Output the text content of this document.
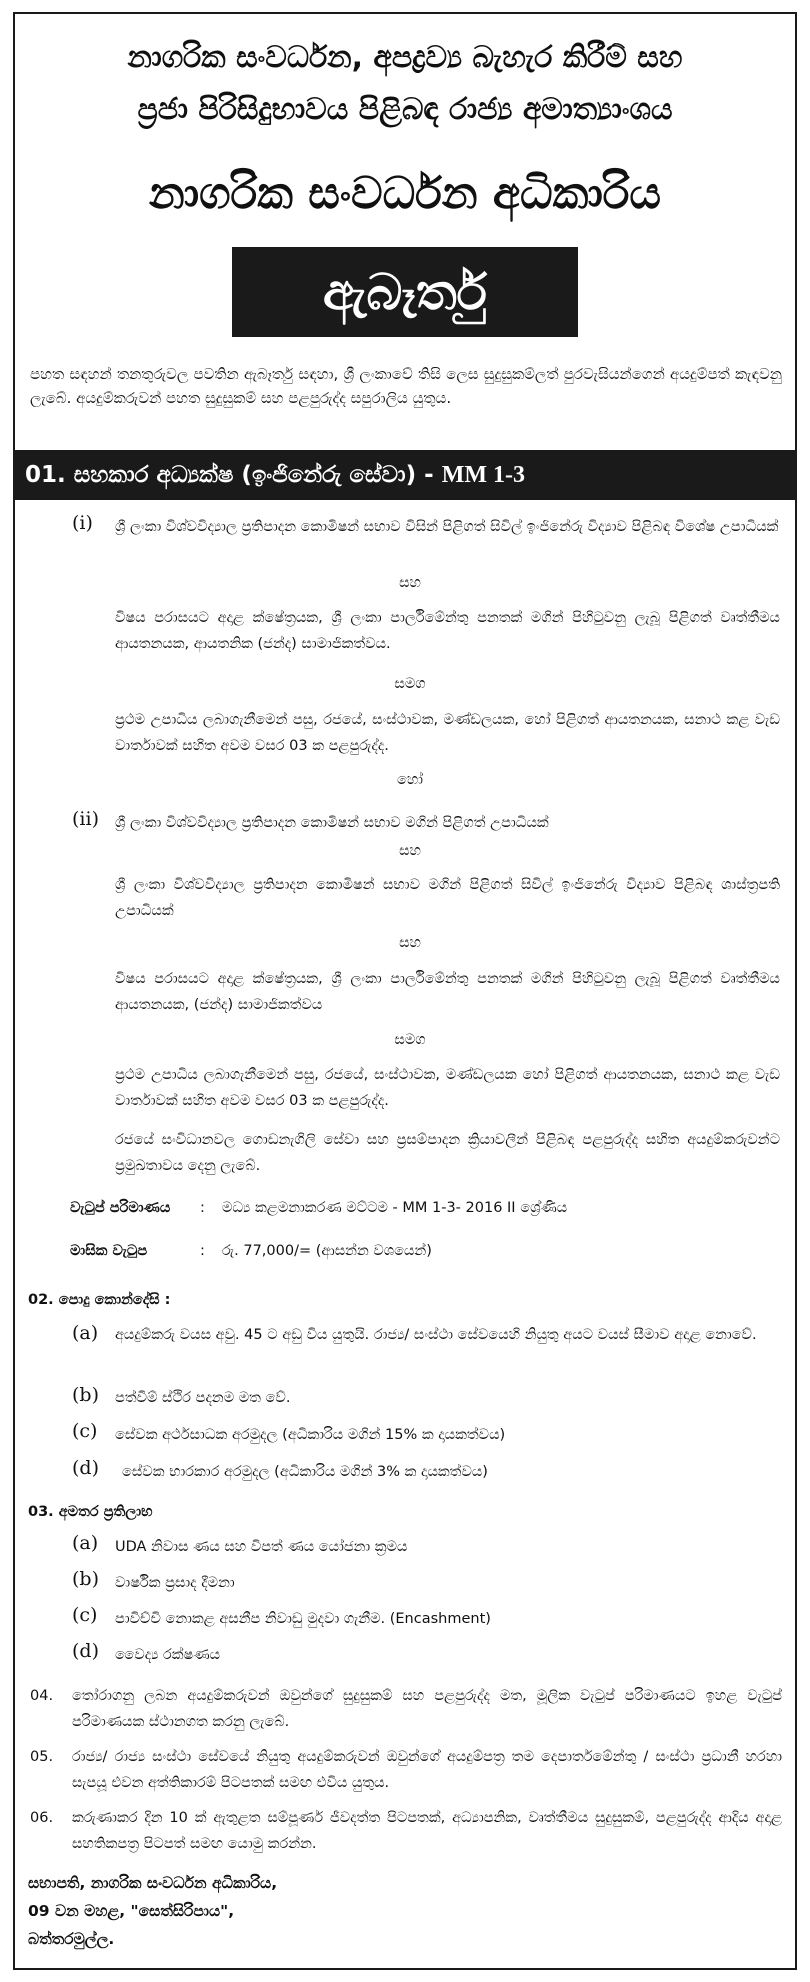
නාගරික සංවර්ධන, අපද්‍රව්‍ය බැහැර කිරීම් සහ
ප්‍රජා පිරිසිදුභාවය පිළිබඳ රාජ්‍ය අමාත්‍යාංශය
නාගරික සංවර්ධන අධිකාරිය
ඇබෑර්තු
පහත සඳහන් තනතුරුවල පවතින ඇබෑර්තු සඳහා, ශ්‍රී ලංකාවේ තිසි ලෙස සුදුසුකම්ලත් පුරවැසියන්ගෙන් අයදුම්පත් කැඳවනු ලැබේ. අයදුම්කරුවන් පහත සුදුසුකම් සහ පළපුරුද්ද සපුරාලිය යුතුය.
01. සහකාර අධ්‍යක්ෂ (ඉංජිනේරු සේවා) - MM 1-3
(i) ශ්‍රී ලංකා විශ්වවිද්‍යාල ප්‍රතිපාදන කොමිෂන් සභාව විසින් පිළිගත් සිවිල් ඉංජිනේරු විද්‍යාව පිළිබඳ විශේෂ උපාධියක්
සහ
විෂය පරාසයට අදාළ ක්ෂේත්‍රයක, ශ්‍රී ලංකා පාර්ලිමේන්තු පනතක් මගින් පිහිටුවනු ලැබූ පිළිගත් වෘත්තීමය ආයතනයක, ආයතනික (ජන්ද) සාමාජිකත්වය.
සමග
ප්‍රථම උපාධිය ලබාගැනීමෙන් පසු, රජයේ, සංස්ථාවක, මණ්ඩලයක, හෝ පිළිගත් ආයතනයක, සනාථ කළ වැඩ වාර්තාවක් සහිත අවම වසර 03 ක පළපුරුද්ද.
හෝ
(ii) ශ්‍රී ලංකා විශ්වවිද්‍යාල ප්‍රතිපාදන කොමිෂන් සභාව මගින් පිළිගත් උපාධියක්
සහ
ශ්‍රී ලංකා විශ්වවිද්‍යාල ප්‍රතිපාදන කොමිෂන් සභාව මගින් පිළිගත් සිවිල් ඉංජිනේරු විද්‍යාව පිළිබඳ ශාස්ත්‍රපති උපාධියක්
සහ
විෂය පරාසයට අදාළ ක්ෂේත්‍රයක, ශ්‍රී ලංකා පාර්ලිමේන්තු පනතක් මගින් පිහිටුවනු ලැබූ පිළිගත් වෘත්තීමය ආයතනයක, (ජන්ද) සාමාජිකත්වය
සමග
ප්‍රථම උපාධිය ලබාගැනීමෙන් පසු, රජයේ, සංස්ථාවක, මණ්ඩලයක හෝ පිළිගත් ආයතනයක, සනාථ කළ වැඩ වාර්තාවක් සහිත අවම වසර 03 ක පළපුරුද්ද.
රජයේ සංවිධානවල ගොඩනැගිලි සේවා සහ ප්‍රසම්පාදන ක්‍රියාවලීන් පිළිබඳ පළපුරුද්ද සහිත අයදුම්කරුවන්ට ප්‍රමුඛතාවය දෙනු ලැබේ.
වැටුප් පරිමාණය : මධ්‍ය කළමනාකරණ මට්ටම - MM 1-3- 2016 II ශ්‍රේණිය
මාසික වැටුප	: රු. 77,000/= (ආසන්න වශයෙන්)
02. පොදු කොන්දේසි :
(a) අයදුම්කරු වයස අවු. 45 ට අඩු විය යුතුයි. රාජ්‍ය/ සංස්ථා සේවයෙහි නියුතු අයට වයස් සීමාව අදාළ නොවේ.
(b) පත්වීම් ස්ථිර පදනම මත වේ.
(c) සේවක අර්ථසාධක අරමුදල (අධිකාරිය මගින් 15% ක දායකත්වය)
(d) සේවක භාරකාර අරමුදල (අධිකාරිය මගින් 3% ක දායකත්වය)
03. අමතර ප්‍රතිලාභ
(a) UDA නිවාස ණය සහ විපත් ණය යෝජනා ක්‍රමය
(b) වාර්ෂික ප්‍රසාද දීමනා
(c) පාවිච්චි නොකළ අසනීප නිවාඩු මුදවා ගැනීම. (Encashment)
(d) වෛද්‍ය රක්ෂණය
04. තෝරාගනු ලබන අයදුම්කරුවන් ඔවුන්ගේ සුදුසුකම් සහ පළපුරුද්ද මත, මූලික වැටුප් පරිමාණයට ඉහළ වැටුප් පරිමාණයක ස්ථානගත කරනු ලැබේ.
05. රාජ්‍ය/ රාජ්‍ය සංස්ථා සේවයේ නියුතු අයදුම්කරුවන් ඔවුන්ගේ අයදුම්පත්‍ර තම දෙපාර්තමේන්තු / සංස්ථා ප්‍රධානී හරහා සැපයූ එවන අත්තිකාරම් පිටපතක් සමඟ එවිය යුතුය.
06. කරුණාකර දින 10 ක් ඇතුළත සම්පූර්ණ ජීවදත්ත පිටපතක්, අධ්‍යාපනික, වෘත්තීමය සුදුසුකම්, පළපුරුද්ද ආදිය අදාළ සහතිකපත්‍ර පිටපත් සමඟ යොමු කරන්න.
සභාපති, නාගරික සංවර්ධන අධිකාරිය,
09 වන මහළ, "සෙත්සිරිපාය",
බත්තරමුල්ල.
